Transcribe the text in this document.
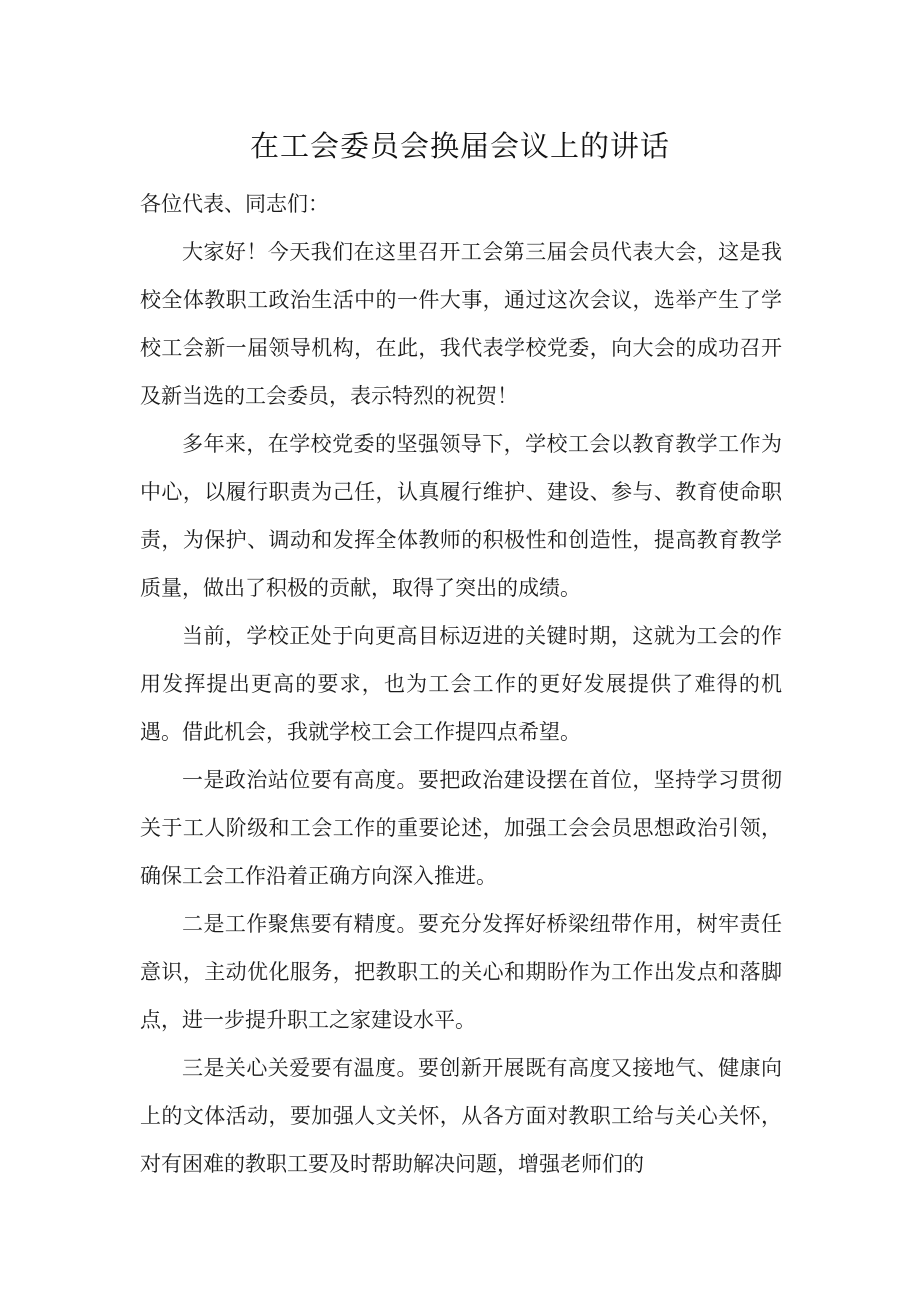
在工会委员会换届会议上的讲话

各位代表、同志们：

大家好！今天我们在这里召开工会第三届会员代表大会，这是我校全体教职工政治生活中的一件大事，通过这次会议，选举产生了学校工会新一届领导机构，在此，我代表学校党委，向大会的成功召开及新当选的工会委员，表示特烈的祝贺！

多年来，在学校党委的坚强领导下，学校工会以教育教学工作为中心，以履行职责为己任，认真履行维护、建设、参与、教育使命职责，为保护、调动和发挥全体教师的积极性和创造性，提高教育教学质量，做出了积极的贡献，取得了突出的成绩。

当前，学校正处于向更高目标迈进的关键时期，这就为工会的作用发挥提出更高的要求，也为工会工作的更好发展提供了难得的机遇。借此机会，我就学校工会工作提四点希望。

一是政治站位要有高度。要把政治建设摆在首位，坚持学习贯彻关于工人阶级和工会工作的重要论述，加强工会会员思想政治引领，确保工会工作沿着正确方向深入推进。

二是工作聚焦要有精度。要充分发挥好桥梁纽带作用，树牢责任意识，主动优化服务，把教职工的关心和期盼作为工作出发点和落脚点，进一步提升职工之家建设水平。

三是关心关爱要有温度。要创新开展既有高度又接地气、健康向上的文体活动，要加强人文关怀，从各方面对教职工给与关心关怀，对有困难的教职工要及时帮助解决问题，增强老师们的
